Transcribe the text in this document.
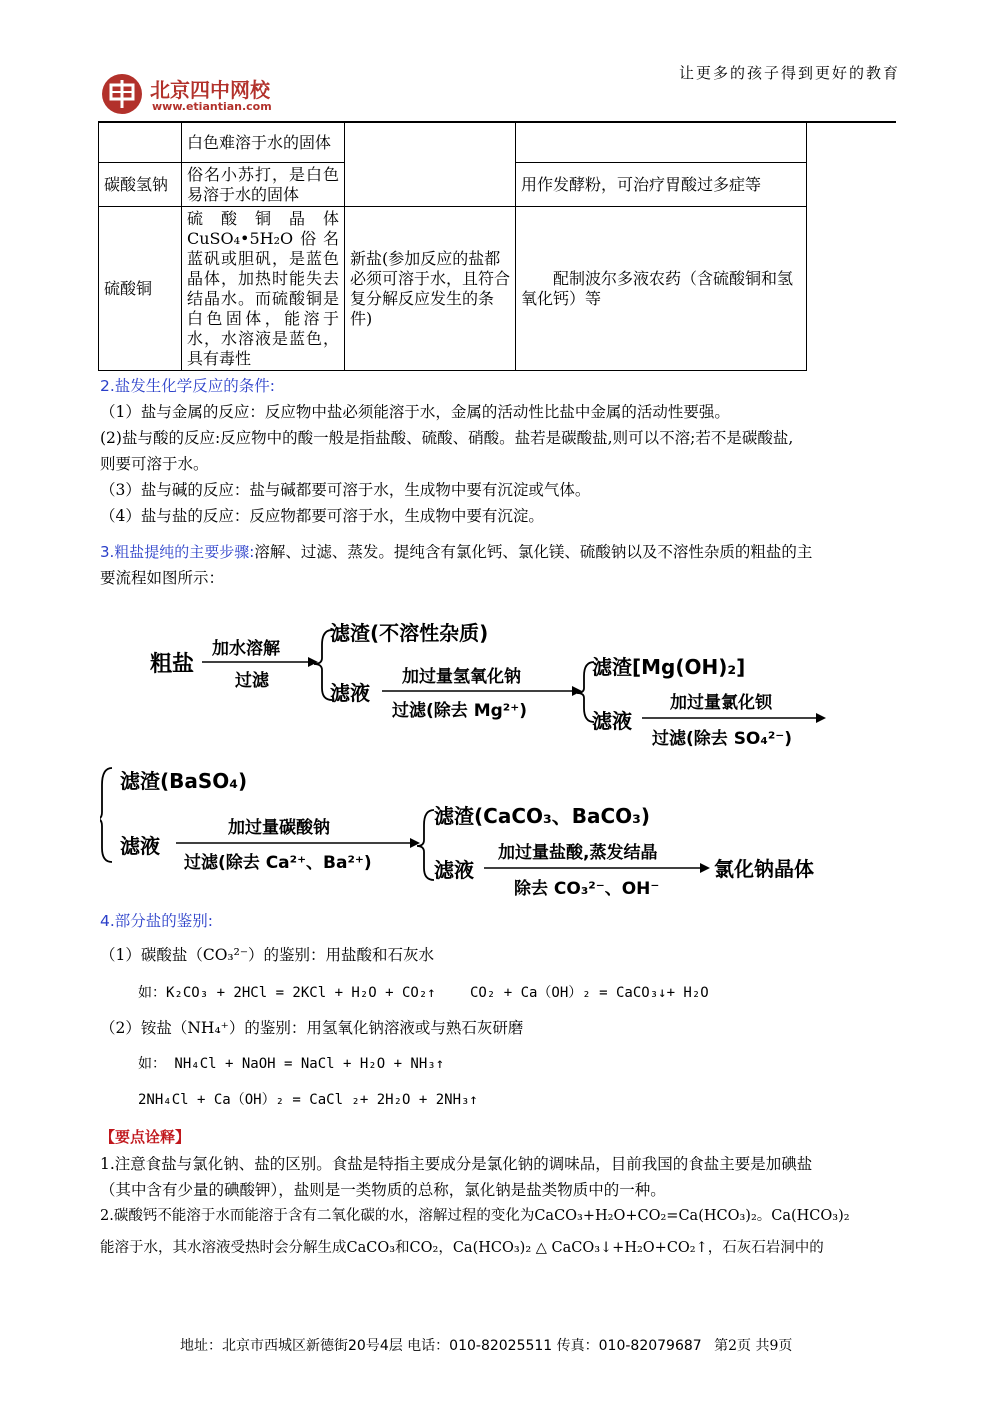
让更多的孩子得到更好的教育
北京四中网校
www.etiantian.com
	白色难溶于水的固体		
碳酸氢钠	俗名小苏打，是白色易溶于水的固体		用作发酵粉，可治疗胃酸过多症等
硫酸铜	硫酸铜晶体CuSO₄•5H₂O俗名蓝矾或胆矾，是蓝色晶体，加热时能失去结晶水。而硫酸铜是白色固体，能溶于水，水溶液是蓝色，具有毒性	新盐(参加反应的盐都必须可溶于水，且符合复分解反应发生的条件)	配制波尔多液农药（含硫酸铜和氢氧化钙）等
2.盐发生化学反应的条件:
（1）盐与金属的反应：反应物中盐必须能溶于水，金属的活动性比盐中金属的活动性要强。
(2)盐与酸的反应:反应物中的酸一般是指盐酸、硫酸、硝酸。盐若是碳酸盐,则可以不溶;若不是碳酸盐,
则要可溶于水。
（3）盐与碱的反应：盐与碱都要可溶于水，生成物中要有沉淀或气体。
（4）盐与盐的反应：反应物都要可溶于水，生成物中要有沉淀。
3.粗盐提纯的主要步骤:溶解、过滤、蒸发。提纯含有氯化钙、氯化镁、硫酸钠以及不溶性杂质的粗盐的主
要流程如图所示：
粗盐
加水溶解
过滤
滤渣(不溶性杂质)
滤液
加过量氢氧化钠
过滤(除去 Mg²⁺)
滤渣[Mg(OH)₂]
滤液
加过量氯化钡
过滤(除去 SO₄²⁻)
滤渣(BaSO₄)
滤液
加过量碳酸钠
过滤(除去 Ca²⁺、Ba²⁺)
滤渣(CaCO₃、BaCO₃)
滤液
加过量盐酸,蒸发结晶
除去 CO₃²⁻、OH⁻
氯化钠晶体
4.部分盐的鉴别:
（1）碳酸盐（CO₃²⁻）的鉴别：用盐酸和石灰水
如：K₂CO₃ + 2HCl = 2KCl + H₂O + CO₂↑ CO₂ + Ca（OH）₂ = CaCO₃↓+ H₂O
（2）铵盐（NH₄⁺）的鉴别：用氢氧化钠溶液或与熟石灰研磨
如： NH₄Cl + NaOH = NaCl + H₂O + NH₃↑
2NH₄Cl + Ca（OH）₂ = CaCl ₂+ 2H₂O + 2NH₃↑
【要点诠释】
1.注意食盐与氯化钠、盐的区别。食盐是特指主要成分是氯化钠的调味品，目前我国的食盐主要是加碘盐
（其中含有少量的碘酸钾），盐则是一类物质的总称，氯化钠是盐类物质中的一种。
2.碳酸钙不能溶于水而能溶于含有二氧化碳的水，溶解过程的变化为CaCO₃+H₂O+CO₂=Ca(HCO₃)₂。Ca(HCO₃)₂
能溶于水，其水溶液受热时会分解生成CaCO₃和CO₂，Ca(HCO₃)₂ △ CaCO₃↓+H₂O+CO₂↑，石灰石岩洞中的
地址：北京市西城区新德街20号4层 电话：010-82025511 传真：010-82079687 第2页 共9页
